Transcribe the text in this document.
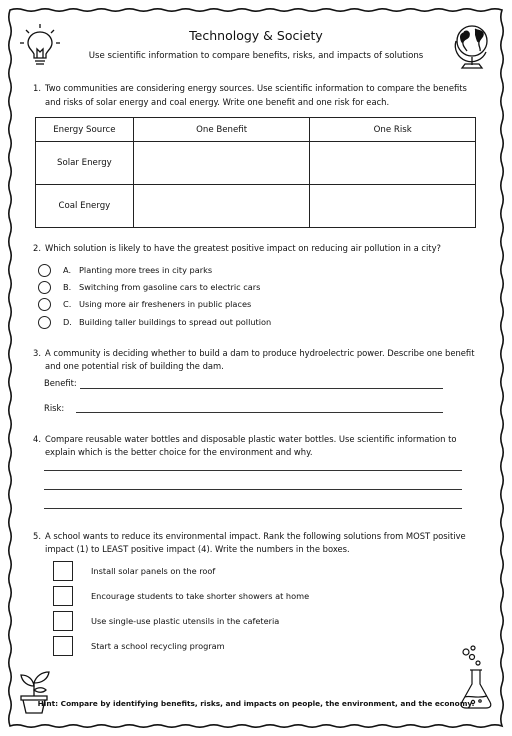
Technology & Society
Use scientific information to compare benefits, risks, and impacts of solutions
1. Two communities are considering energy sources. Use scientific information to compare the benefits
and risks of solar energy and coal energy. Write one benefit and one risk for each.
Energy Source	One Benefit	One Risk
Solar Energy		
Coal Energy		
2. Which solution is likely to have the greatest positive impact on reducing air pollution in a city?
A. Planting more trees in city parks
B. Switching from gasoline cars to electric cars
C. Using more air fresheners in public places
D. Building taller buildings to spread out pollution
3. A community is deciding whether to build a dam to produce hydroelectric power. Describe one benefit
and one potential risk of building the dam.
Benefit:
Risk:
4. Compare reusable water bottles and disposable plastic water bottles. Use scientific information to
explain which is the better choice for the environment and why.
5. A school wants to reduce its environmental impact. Rank the following solutions from MOST positive
impact (1) to LEAST positive impact (4). Write the numbers in the boxes.
Install solar panels on the roof
Encourage students to take shorter showers at home
Use single-use plastic utensils in the cafeteria
Start a school recycling program
Hint: Compare by identifying benefits, risks, and impacts on people, the environment, and the economy.
